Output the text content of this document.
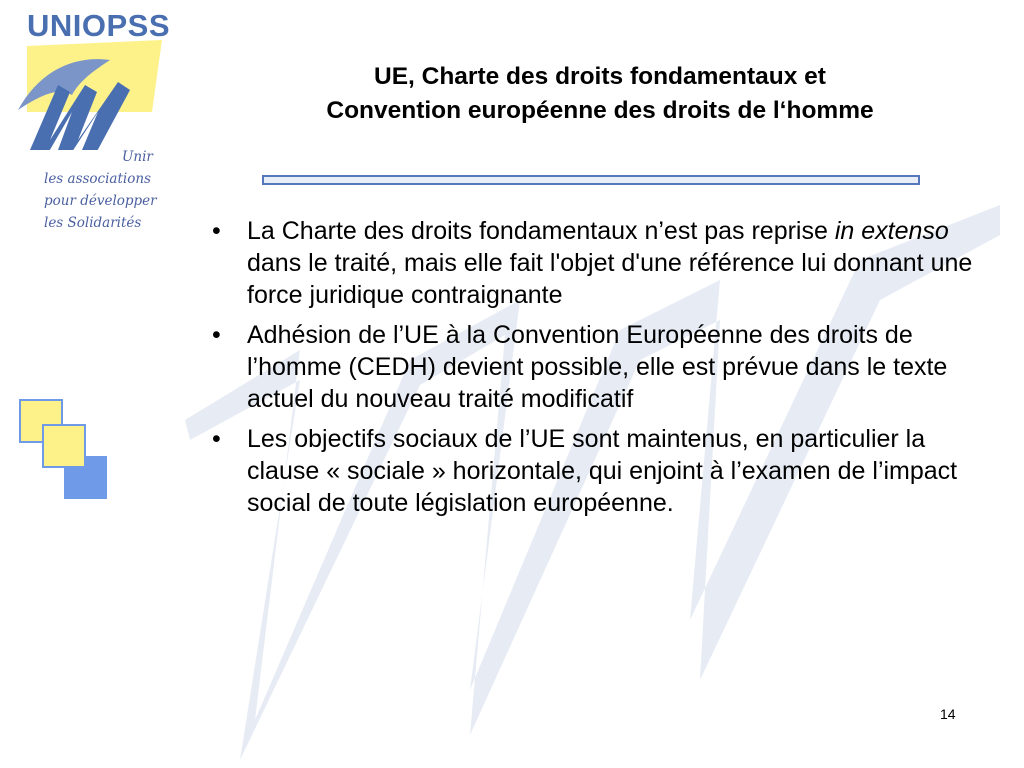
UNIOPSS
Unir
les associations
pour développer
les Solidarités
UE, Charte des droits fondamentaux et
Convention européenne des droits de l‘homme
• La Charte des droits fondamentaux n’est pas reprise in extenso dans le traité, mais elle fait l'objet d'une référence lui donnant une force juridique contraignante
• Adhésion de l’UE à la Convention Européenne des droits de l’homme (CEDH) devient possible, elle est prévue dans le texte actuel du nouveau traité modificatif
• Les objectifs sociaux de l’UE sont maintenus, en particulier la clause « sociale » horizontale, qui enjoint à l’examen de l’impact social de toute législation européenne.
14
